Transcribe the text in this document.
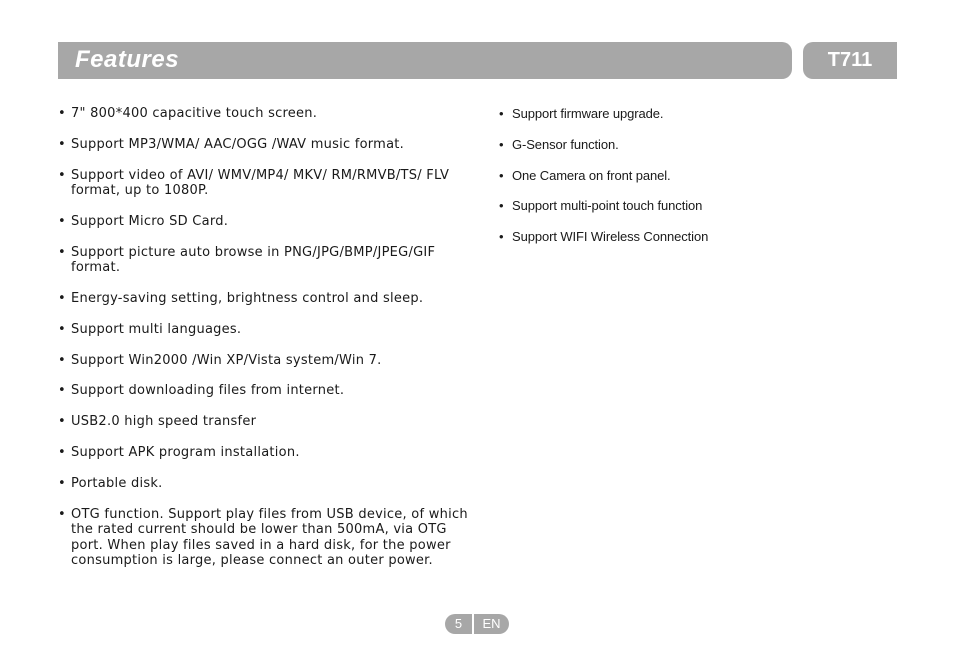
Features	T711
• 7" 800*400 capacitive touch screen.
• Support MP3/WMA/ AAC/OGG /WAV music format.
• Support video of AVI/ WMV/MP4/ MKV/ RM/RMVB/TS/ FLV format, up to 1080P.
• Support Micro SD Card.
• Support picture auto browse in PNG/JPG/BMP/JPEG/GIF format.
• Energy-saving setting, brightness control and sleep.
• Support multi languages.
• Support Win2000 /Win XP/Vista system/Win 7.
• Support downloading files from internet.
• USB2.0 high speed transfer
• Support APK program installation.
• Portable disk.
• OTG function. Support play files from USB device, of which the rated current should be lower than 500mA, via OTG port. When play files saved in a hard disk, for the power consumption is large, please connect an outer power.
• Support firmware upgrade.
• G-Sensor function.
• One Camera on front panel.
• Support multi-point touch function
• Support WIFI Wireless Connection
5	EN
